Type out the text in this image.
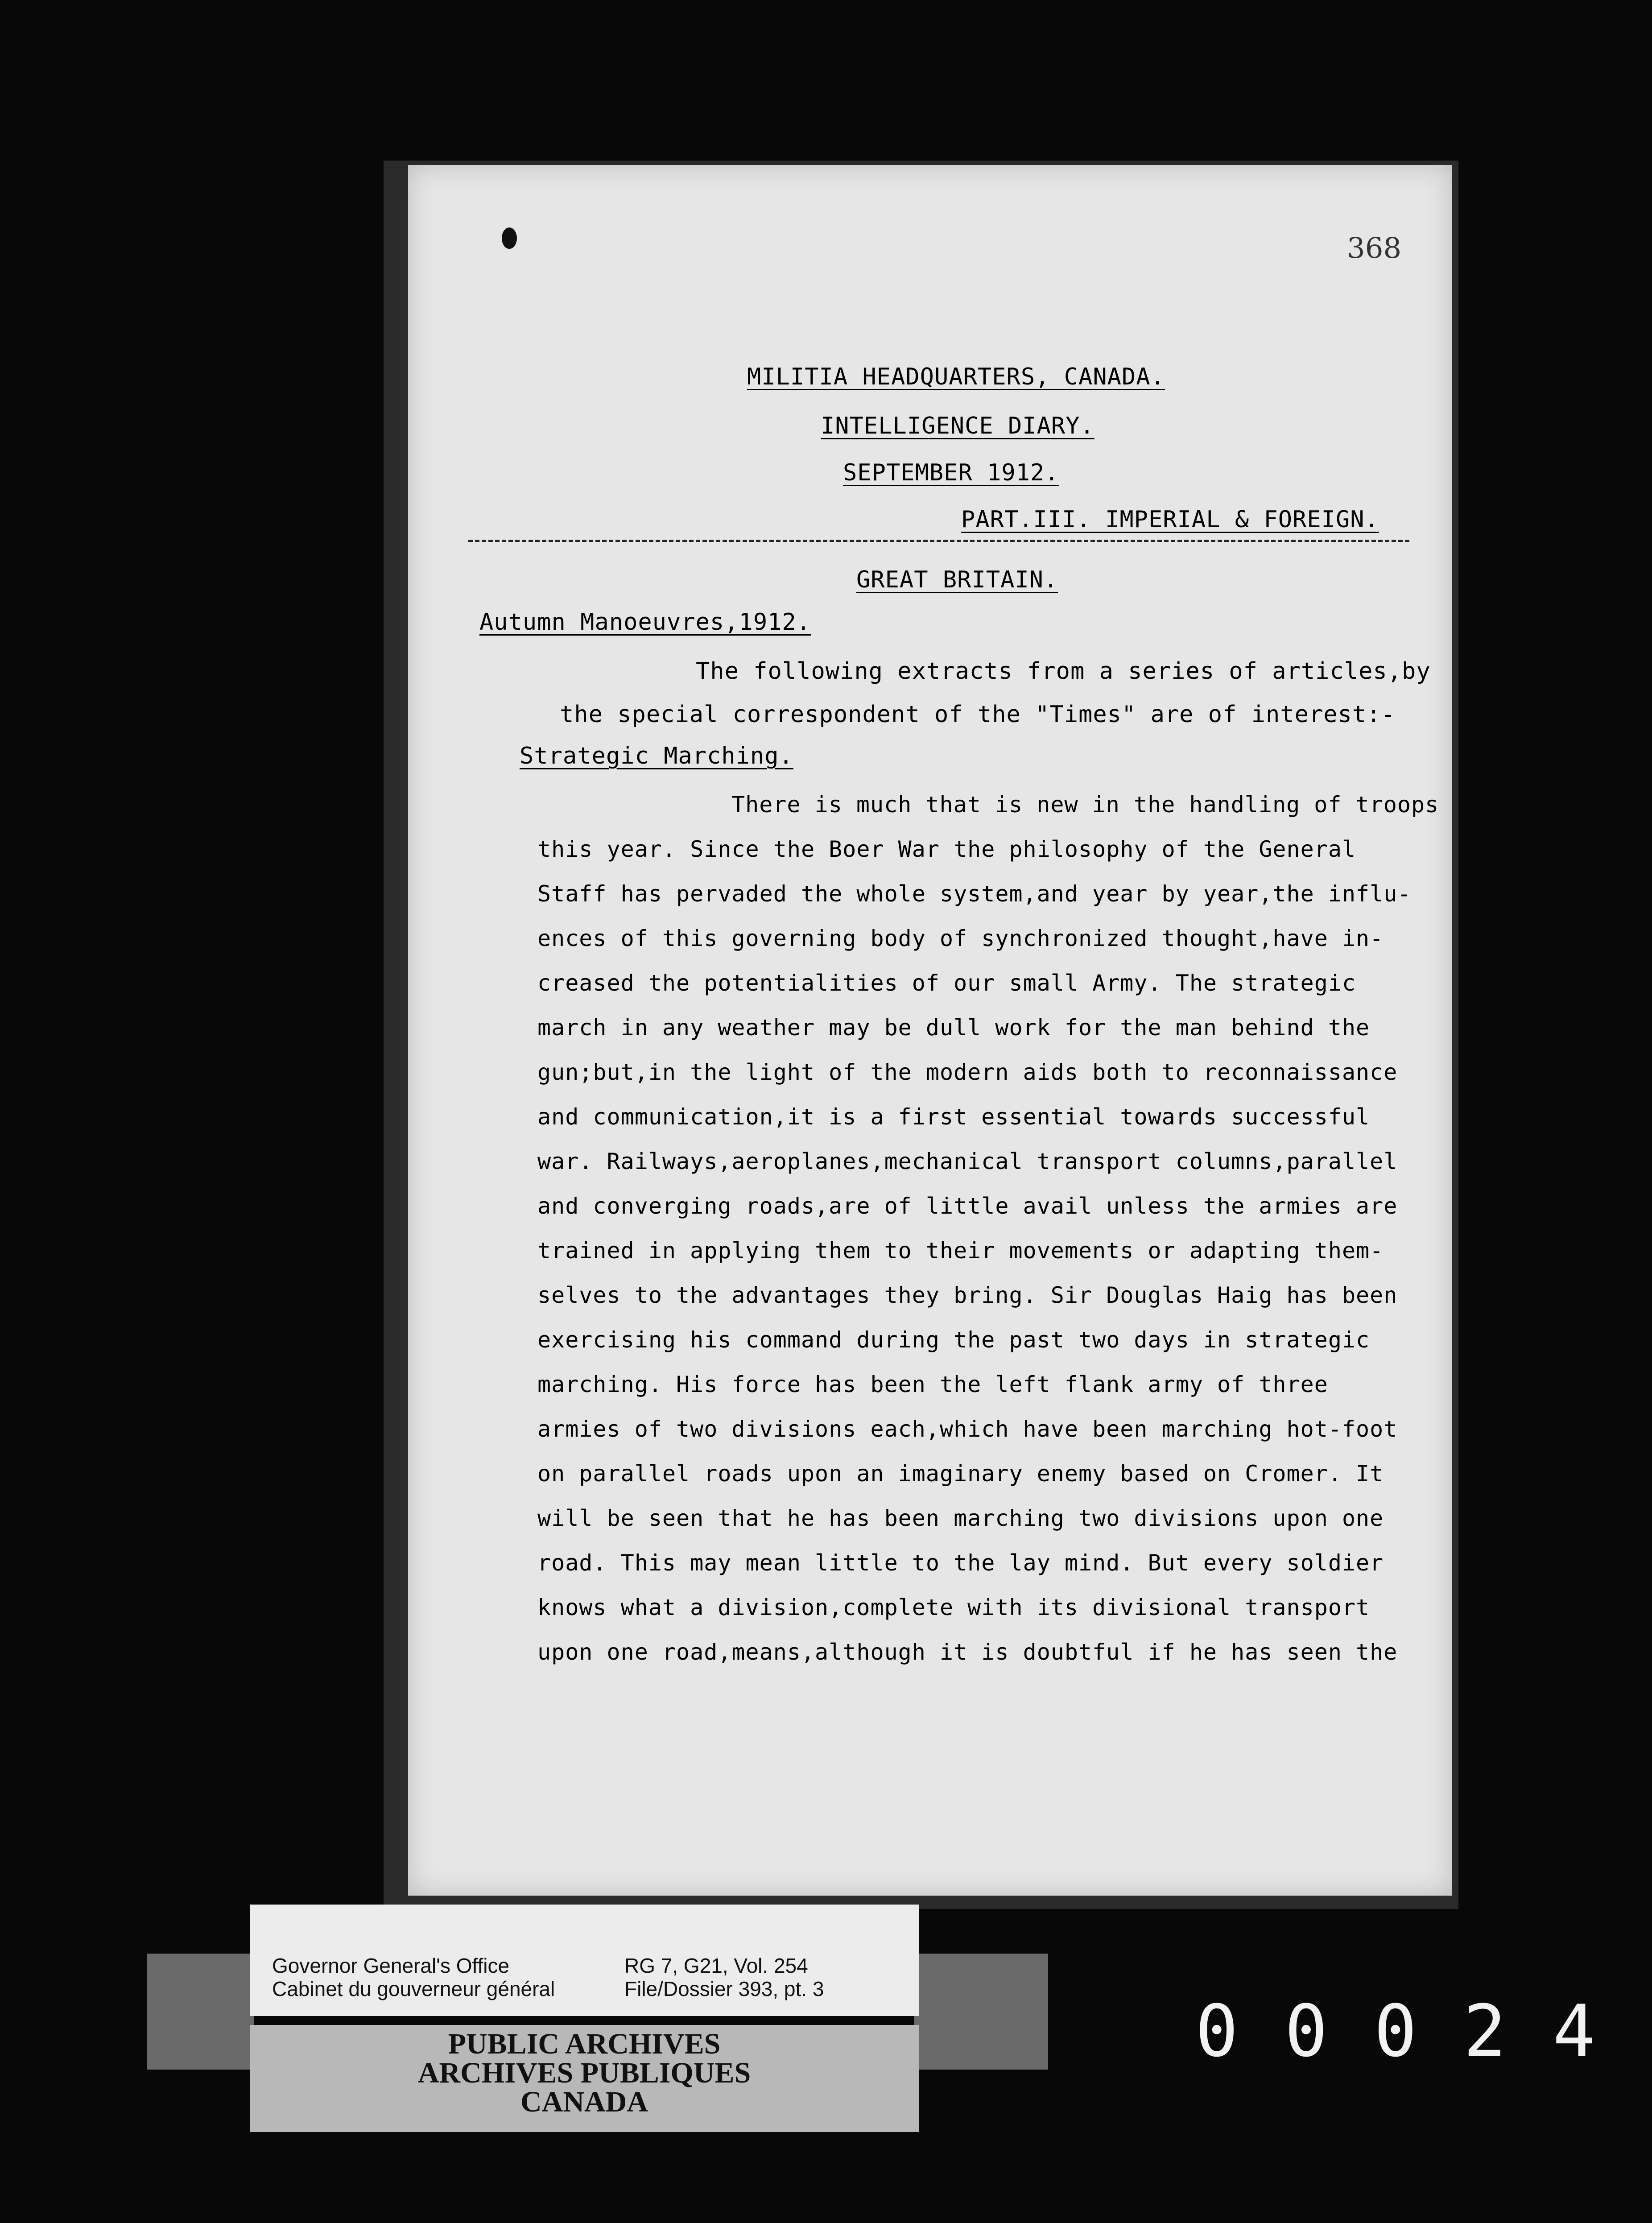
368
MILITIA HEADQUARTERS, CANADA.
INTELLIGENCE DIARY.
SEPTEMBER 1912.
PART.III. IMPERIAL & FOREIGN.
GREAT BRITAIN.
Autumn Manoeuvres,1912.
The following extracts from a series of articles,by
the special correspondent of the "Times" are of interest:-
Strategic Marching.
There is much that is new in the handling of troops
this year. Since the Boer War the philosophy of the General
Staff has pervaded the whole system,and year by year,the influ-
ences of this governing body of synchronized thought,have in-
creased the potentialities of our small Army. The strategic
march in any weather may be dull work for the man behind the
gun;but,in the light of the modern aids both to reconnaissance
and communication,it is a first essential towards successful
war. Railways,aeroplanes,mechanical transport columns,parallel
and converging roads,are of little avail unless the armies are
trained in applying them to their movements or adapting them-
selves to the advantages they bring. Sir Douglas Haig has been
exercising his command during the past two days in strategic
marching. His force has been the left flank army of three
armies of two divisions each,which have been marching hot-foot
on parallel roads upon an imaginary enemy based on Cromer. It
will be seen that he has been marching two divisions upon one
road. This may mean little to the lay mind. But every soldier
knows what a division,complete with its divisional transport
upon one road,means,although it is doubtful if he has seen the
Governor General's Office
Cabinet du gouverneur général
RG 7, G21, Vol. 254
File/Dossier 393, pt. 3
PUBLIC ARCHIVES
ARCHIVES PUBLIQUES
CANADA
00024
